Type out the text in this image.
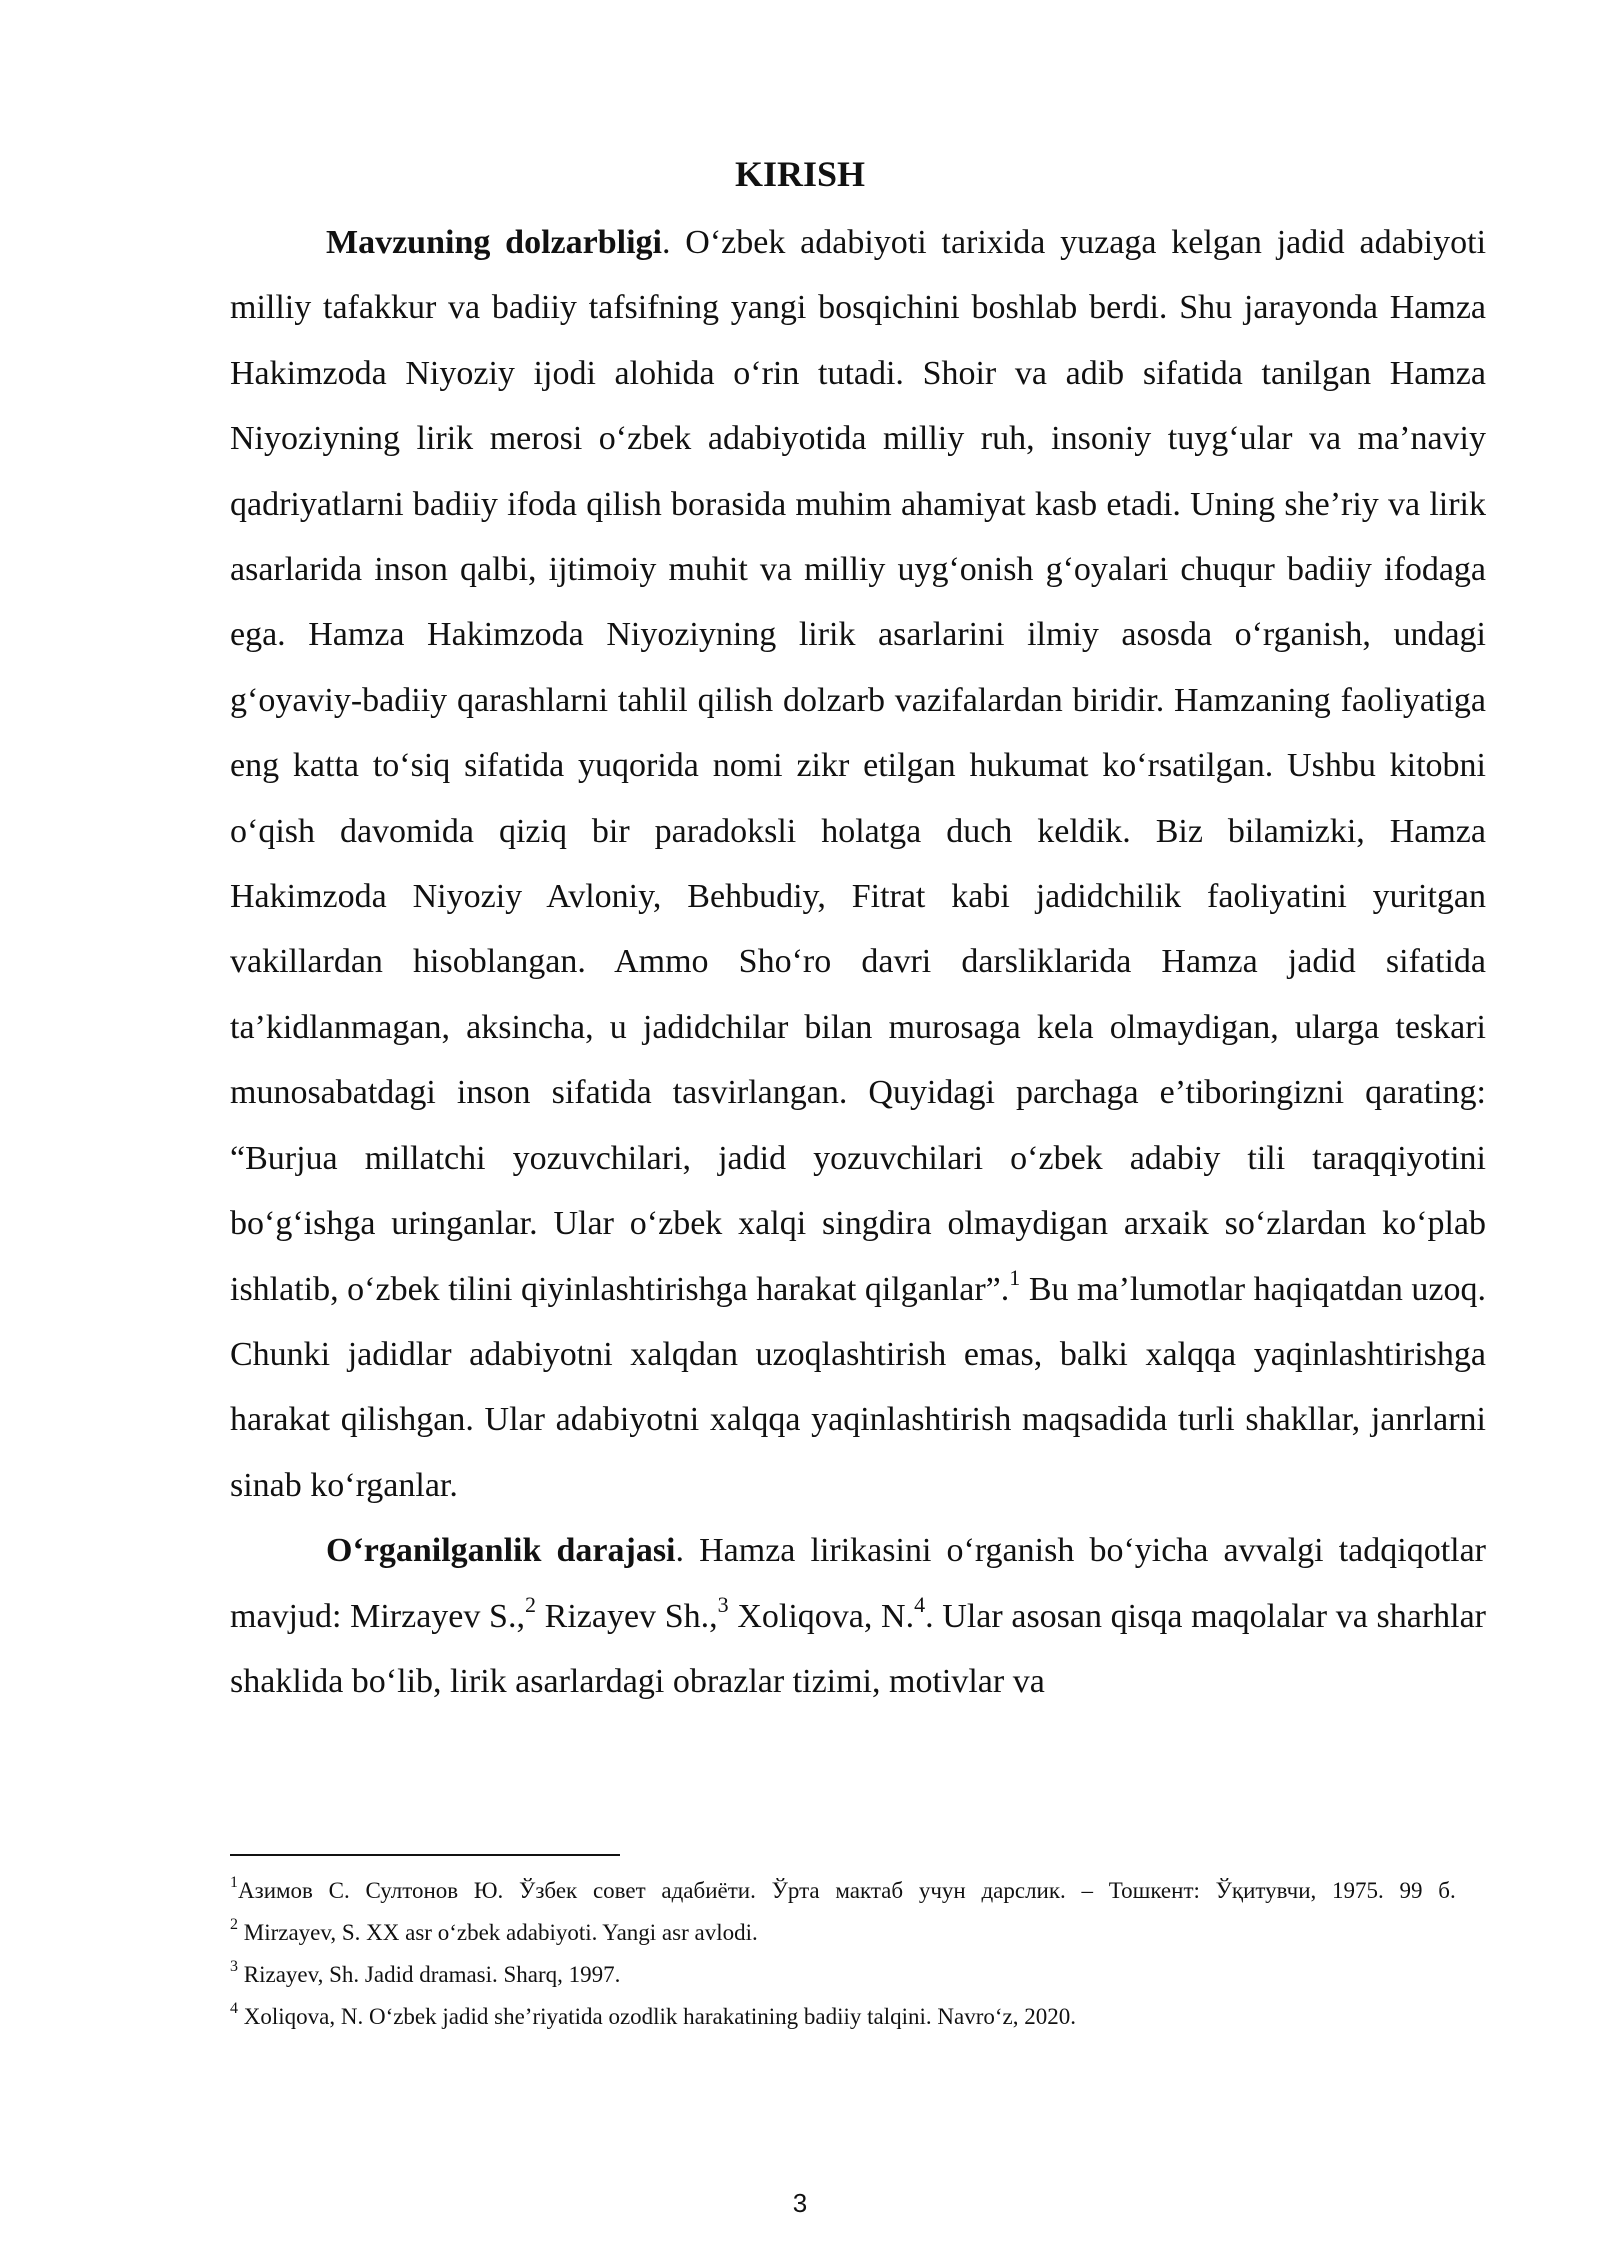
KIRISH

Mavzuning dolzarbligi. O‘zbek adabiyoti tarixida yuzaga kelgan jadid adabiyoti milliy tafakkur va badiiy tafsifning yangi bosqichini boshlab berdi. Shu jarayonda Hamza Hakimzoda Niyoziy ijodi alohida o‘rin tutadi. Shoir va adib sifatida tanilgan Hamza Niyoziyning lirik merosi o‘zbek adabiyotida milliy ruh, insoniy tuyg‘ular va ma’naviy qadriyatlarni badiiy ifoda qilish borasida muhim ahamiyat kasb etadi. Uning she’riy va lirik asarlarida inson qalbi, ijtimoiy muhit va milliy uyg‘onish g‘oyalari chuqur badiiy ifodaga ega. Hamza Hakimzoda Niyoziyning lirik asarlarini ilmiy asosda o‘rganish, undagi g‘oyaviy-badiiy qarashlarni tahlil qilish dolzarb vazifalardan biridir. Hamzaning faoliyatiga eng katta to‘siq sifatida yuqorida nomi zikr etilgan hukumat ko‘rsatilgan. Ushbu kitobni o‘qish davomida qiziq bir paradoksli holatga duch keldik. Biz bilamizki, Hamza Hakimzoda Niyoziy Avloniy, Behbudiy, Fitrat kabi jadidchilik faoliyatini yuritgan vakillardan hisoblangan. Ammo Sho‘ro davri darsliklarida Hamza jadid sifatida ta’kidlanmagan, aksincha, u jadidchilar bilan murosaga kela olmaydigan, ularga teskari munosabatdagi inson sifatida tasvirlangan. Quyidagi parchaga e’tiboringizni qarating: “Burjua millatchi yozuvchilari, jadid yozuvchilari o‘zbek adabiy tili taraqqiyotini bo‘g‘ishga uringanlar. Ular o‘zbek xalqi singdira olmaydigan arxaik so‘zlardan ko‘plab ishlatib, o‘zbek tilini qiyinlashtirishga harakat qilganlar”.$^1$ Bu ma’lumotlar haqiqatdan uzoq. Chunki jadidlar adabiyotni xalqdan uzoqlashtirish emas, balki xalqqa yaqinlashtirishga harakat qilishgan. Ular adabiyotni xalqqa yaqinlashtirish maqsadida turli shakllar, janrlarni sinab ko‘rganlar.

O‘rganilganlik darajasi. Hamza lirikasini o‘rganish bo‘yicha avvalgi tadqiqotlar mavjud: Mirzayev S.,$^2$ Rizayev Sh.,$^3$ Xoliqova, N.$^4$. Ular asosan qisqa maqolalar va sharhlar shaklida bo‘lib, lirik asarlardagi obrazlar tizimi, motivlar va

$^1$Азимов С. Султонов Ю. Ўзбек совет адабиёти. Ўрта мактаб учун дарслик. – Тошкент: Ўқитувчи, 1975. 99 б.

$^2$ Mirzayev, S. XX asr o‘zbek adabiyoti. Yangi asr avlodi.

$^3$ Rizayev, Sh. Jadid dramasi. Sharq, 1997.

$^4$ Xoliqova, N. O‘zbek jadid she’riyatida ozodlik harakatining badiiy talqini. Navro‘z, 2020.

3
